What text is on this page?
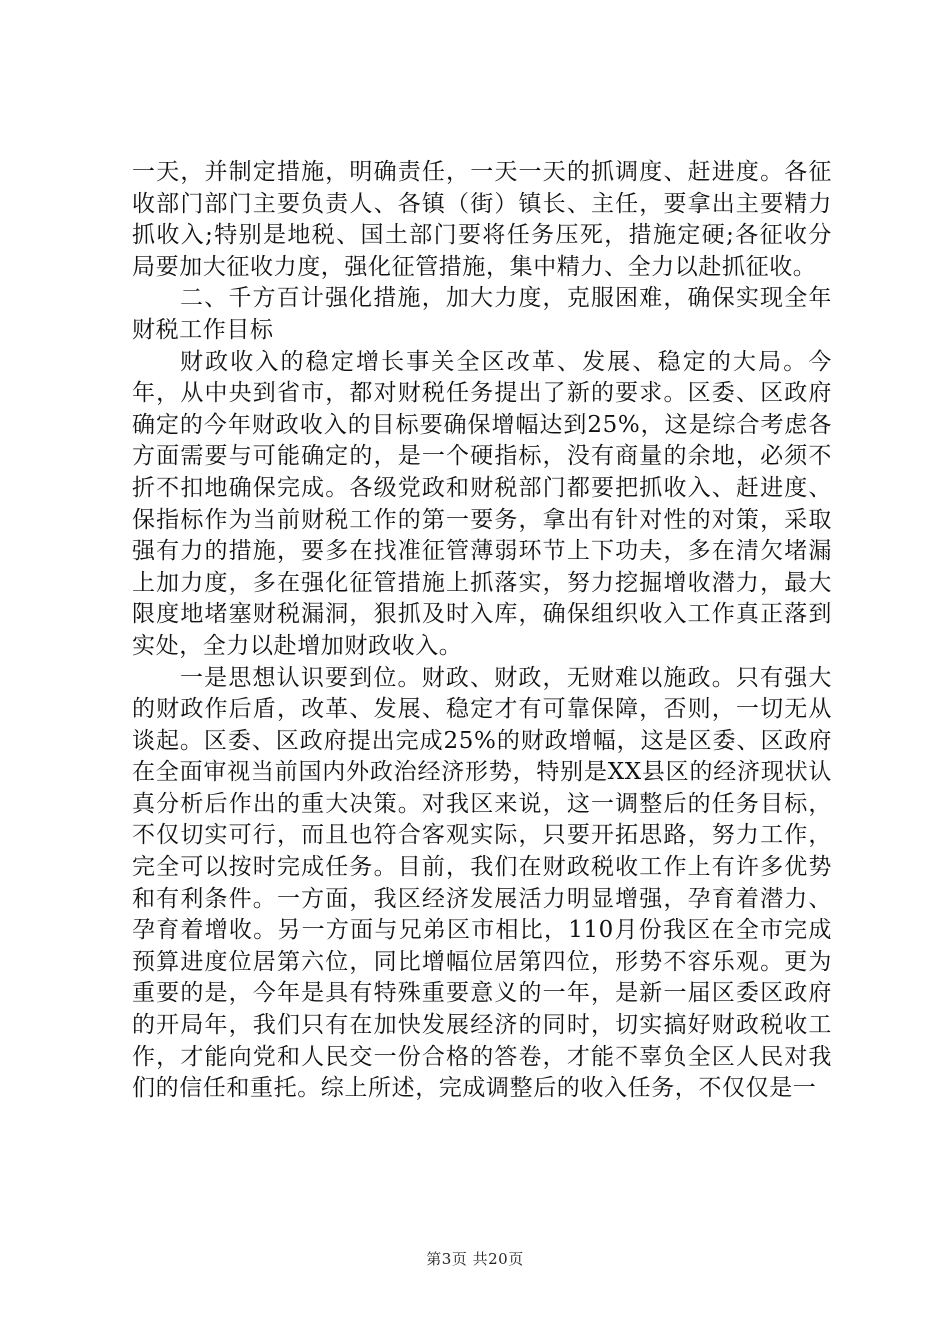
一天，并制定措施，明确责任，一天一天的抓调度、赶进度。各征收部门部门主要负责人、各镇（街）镇长、主任，要拿出主要精力抓收入;特别是地税、国土部门要将任务压死，措施定硬;各征收分局要加大征收力度，强化征管措施，集中精力、全力以赴抓征收。

二、千方百计强化措施，加大力度，克服困难，确保实现全年财税工作目标

财政收入的稳定增长事关全区改革、发展、稳定的大局。今年，从中央到省市，都对财税任务提出了新的要求。区委、区政府确定的今年财政收入的目标要确保增幅达到25%，这是综合考虑各方面需要与可能确定的，是一个硬指标，没有商量的余地，必须不折不扣地确保完成。各级党政和财税部门都要把抓收入、赶进度、保指标作为当前财税工作的第一要务，拿出有针对性的对策，采取强有力的措施，要多在找准征管薄弱环节上下功夫，多在清欠堵漏上加力度，多在强化征管措施上抓落实，努力挖掘增收潜力，最大限度地堵塞财税漏洞，狠抓及时入库，确保组织收入工作真正落到实处，全力以赴增加财政收入。

一是思想认识要到位。财政、财政，无财难以施政。只有强大的财政作后盾，改革、发展、稳定才有可靠保障，否则，一切无从谈起。区委、区政府提出完成25%的财政增幅，这是区委、区政府在全面审视当前国内外政治经济形势，特别是XX县区的经济现状认真分析后作出的重大决策。对我区来说，这一调整后的任务目标，不仅切实可行，而且也符合客观实际，只要开拓思路，努力工作，完全可以按时完成任务。目前，我们在财政税收工作上有许多优势和有利条件。一方面，我区经济发展活力明显增强，孕育着潜力、孕育着增收。另一方面与兄弟区市相比，110月份我区在全市完成预算进度位居第六位，同比增幅位居第四位，形势不容乐观。更为重要的是，今年是具有特殊重要意义的一年，是新一届区委区政府的开局年，我们只有在加快发展经济的同时，切实搞好财政税收工作，才能向党和人民交一份合格的答卷，才能不辜负全区人民对我们的信任和重托。综上所述，完成调整后的收入任务，不仅仅是一

第3页 共20页
